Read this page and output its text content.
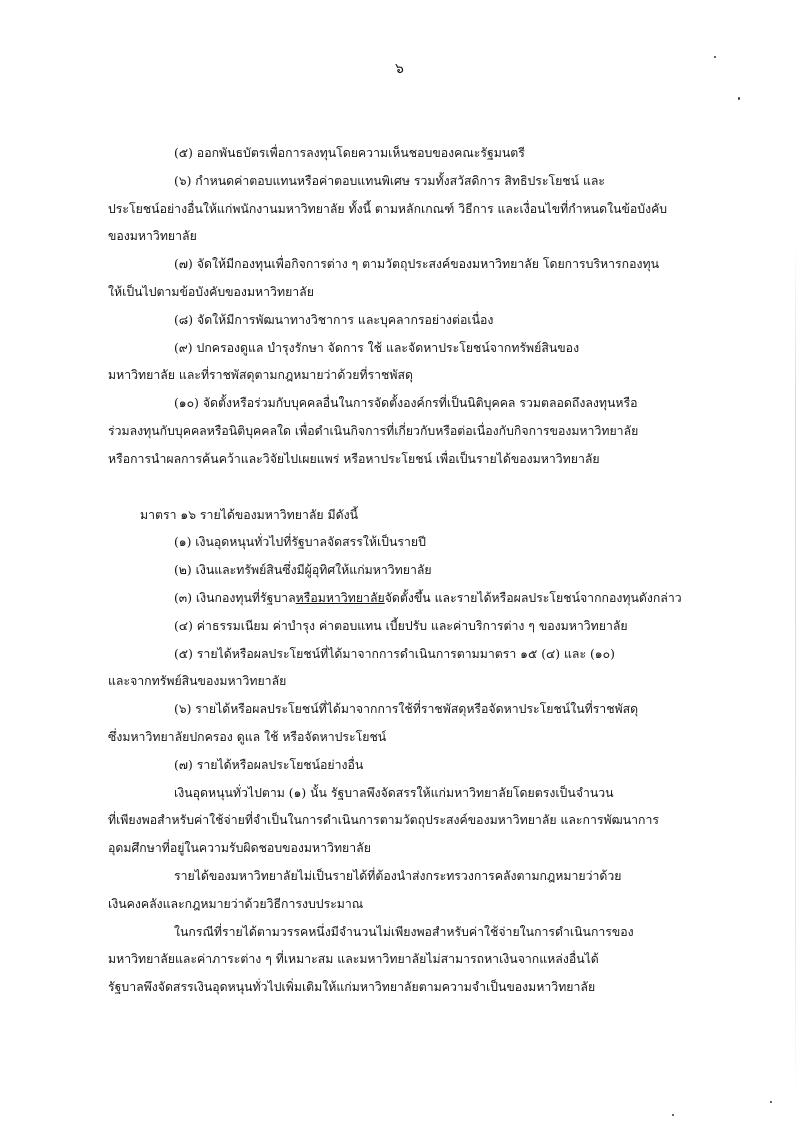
๖
(๕) ออกพันธบัตรเพื่อการลงทุนโดยความเห็นชอบของคณะรัฐมนตรี
(๖) กำหนดค่าตอบแทนหรือค่าตอบแทนพิเศษ รวมทั้งสวัสดิการ สิทธิประโยชน์ และ
ประโยชน์อย่างอื่นให้แก่พนักงานมหาวิทยาลัย ทั้งนี้ ตามหลักเกณฑ์ วิธีการ และเงื่อนไขที่กำหนดในข้อบังคับ
ของมหาวิทยาลัย
(๗) จัดให้มีกองทุนเพื่อกิจการต่าง ๆ ตามวัตถุประสงค์ของมหาวิทยาลัย โดยการบริหารกองทุน
ให้เป็นไปตามข้อบังคับของมหาวิทยาลัย
(๘) จัดให้มีการพัฒนาทางวิชาการ และบุคลากรอย่างต่อเนื่อง
(๙) ปกครองดูแล บำรุงรักษา จัดการ ใช้ และจัดหาประโยชน์จากทรัพย์สินของ
มหาวิทยาลัย และที่ราชพัสดุตามกฎหมายว่าด้วยที่ราชพัสดุ
(๑๐) จัดตั้งหรือร่วมกับบุคคลอื่นในการจัดตั้งองค์กรที่เป็นนิติบุคคล รวมตลอดถึงลงทุนหรือ
ร่วมลงทุนกับบุคคลหรือนิติบุคคลใด เพื่อดำเนินกิจการที่เกี่ยวกับหรือต่อเนื่องกับกิจการของมหาวิทยาลัย
หรือการนำผลการค้นคว้าและวิจัยไปเผยแพร่ หรือหาประโยชน์ เพื่อเป็นรายได้ของมหาวิทยาลัย
มาตรา ๑๖ รายได้ของมหาวิทยาลัย มีดังนี้
(๑) เงินอุดหนุนทั่วไปที่รัฐบาลจัดสรรให้เป็นรายปี
(๒) เงินและทรัพย์สินซึ่งมีผู้อุทิศให้แก่มหาวิทยาลัย
(๓) เงินกองทุนที่รัฐบาลหรือมหาวิทยาลัยจัดตั้งขึ้น และรายได้หรือผลประโยชน์จากกองทุนดังกล่าว
(๔) ค่าธรรมเนียม ค่าบำรุง ค่าตอบแทน เบี้ยปรับ และค่าบริการต่าง ๆ ของมหาวิทยาลัย
(๕) รายได้หรือผลประโยชน์ที่ได้มาจากการดำเนินการตามมาตรา ๑๕ (๔) และ (๑๐)
และจากทรัพย์สินของมหาวิทยาลัย
(๖) รายได้หรือผลประโยชน์ที่ได้มาจากการใช้ที่ราชพัสดุหรือจัดหาประโยชน์ในที่ราชพัสดุ
ซึ่งมหาวิทยาลัยปกครอง ดูแล ใช้ หรือจัดหาประโยชน์
(๗) รายได้หรือผลประโยชน์อย่างอื่น
เงินอุดหนุนทั่วไปตาม (๑) นั้น รัฐบาลพึงจัดสรรให้แก่มหาวิทยาลัยโดยตรงเป็นจำนวน
ที่เพียงพอสำหรับค่าใช้จ่ายที่จำเป็นในการดำเนินการตามวัตถุประสงค์ของมหาวิทยาลัย และการพัฒนาการ
อุดมศึกษาที่อยู่ในความรับผิดชอบของมหาวิทยาลัย
รายได้ของมหาวิทยาลัยไม่เป็นรายได้ที่ต้องนำส่งกระทรวงการคลังตามกฎหมายว่าด้วย
เงินคงคลังและกฎหมายว่าด้วยวิธีการงบประมาณ
ในกรณีที่รายได้ตามวรรคหนึ่งมีจำนวนไม่เพียงพอสำหรับค่าใช้จ่ายในการดำเนินการของ
มหาวิทยาลัยและค่าภาระต่าง ๆ ที่เหมาะสม และมหาวิทยาลัยไม่สามารถหาเงินจากแหล่งอื่นได้
รัฐบาลพึงจัดสรรเงินอุดหนุนทั่วไปเพิ่มเติมให้แก่มหาวิทยาลัยตามความจำเป็นของมหาวิทยาลัย
